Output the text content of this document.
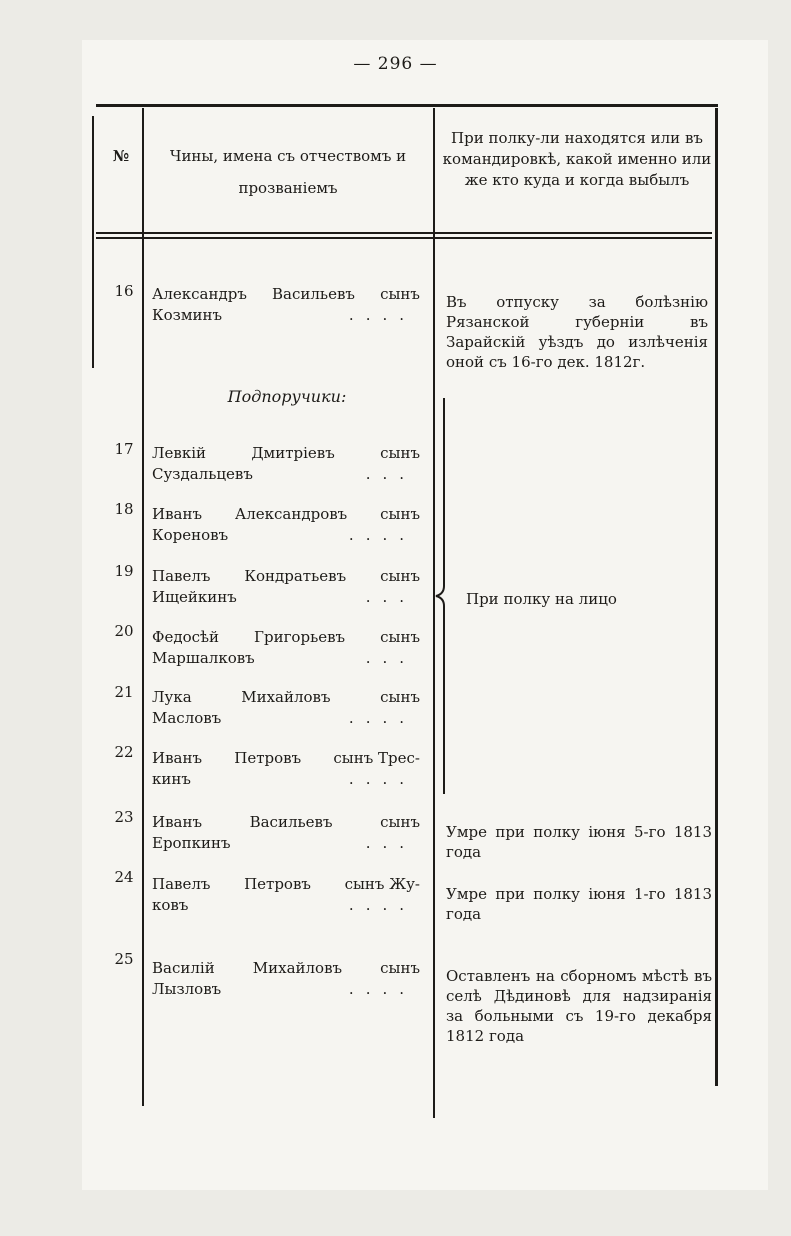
— 296 —
№	Чины, имена съ отчествомъ и прозванiемъ
При полку-ли находятся или въ командировкѣ, какой именно или же кто куда и когда выбылъ
16 Александръ Васильевъ сынъ
Козминъ	....
Въ отпуску за болѣзнiю Рязанской губернiи въ Зарайскiй уѣздъ до излѣченiя оной съ 16-го дек. 1812г.
Подпоручики:
17 Левкiй	Дмитрiевъ	сынъ
Суздальцевъ	...
18 Иванъ Александровъ сынъ
Кореновъ	....
19 Павелъ Кондратьевъ сынъ
Ищейкинъ	...
20 Федосѣй Григорьевъ сынъ
Маршалковъ	...
21 Лука	Михайловъ	сынъ
Масловъ	....
22 Иванъ Петровъ сынъ Трес-
кинъ	....
При полку на лицо
23 Иванъ	Васильевъ	сынъ
Еропкинъ	...
Умре при полку iюня 5-го 1813 года
24 Павелъ Петровъ сынъ Жу-
ковъ	....
Умре при полку iюня 1-го 1813 года
25 Василiй	Михайловъ	сынъ
Лызловъ	....
Оставленъ на сборномъ мѣстѣ въ селѣ Дѣдиновѣ для надзиранiя за больными съ 19-го декабря 1812 года
